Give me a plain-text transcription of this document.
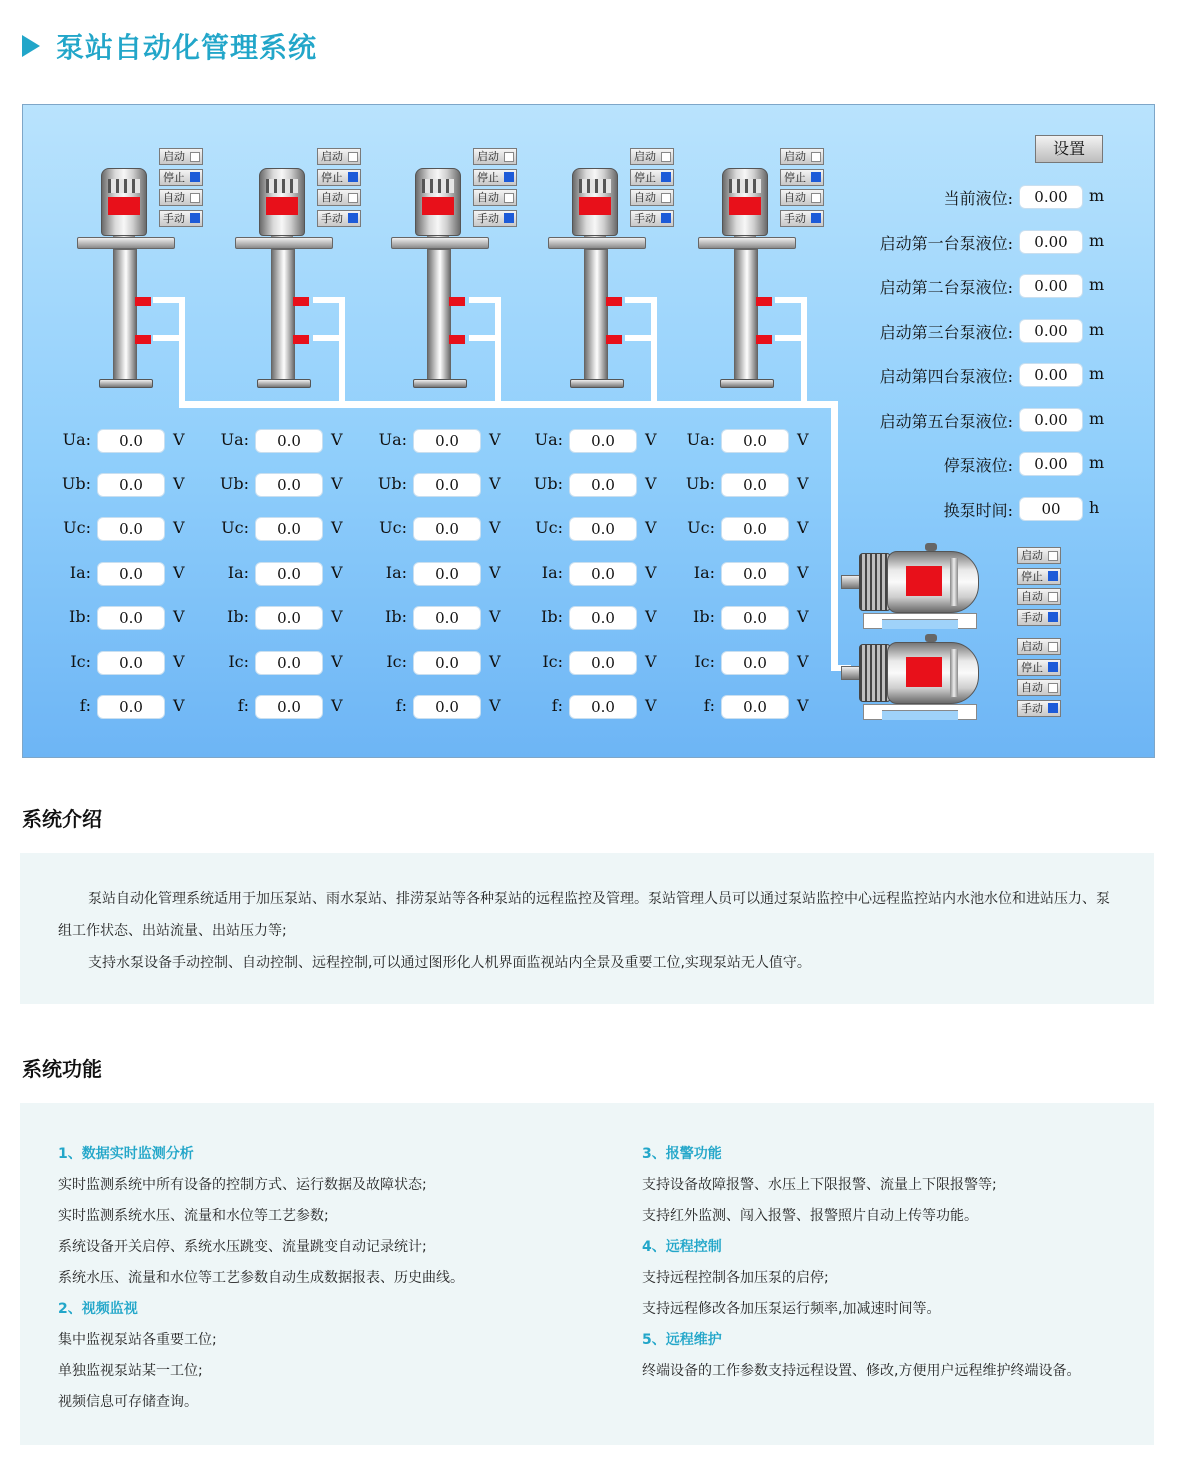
泵站自动化管理系统
设置
启动
停止
自动
手动
启动
停止
自动
手动
启动
停止
自动
手动
启动
停止
自动
手动
启动
停止
自动
手动
启动
停止
自动
手动
启动
停止
自动
手动
Ua:	0.0	V
Ub:	0.0	V
Uc:	0.0	V
Ia:	0.0	V
Ib:	0.0	V
Ic:	0.0	V
f:	0.0	V
Ua:	0.0	V
Ub:	0.0	V
Uc:	0.0	V
Ia:	0.0	V
Ib:	0.0	V
Ic:	0.0	V
f:	0.0	V
Ua:	0.0	V
Ub:	0.0	V
Uc:	0.0	V
Ia:	0.0	V
Ib:	0.0	V
Ic:	0.0	V
f:	0.0	V
Ua:	0.0	V
Ub:	0.0	V
Uc:	0.0	V
Ia:	0.0	V
Ib:	0.0	V
Ic:	0.0	V
f:	0.0	V
Ua:	0.0	V
Ub:	0.0	V
Uc:	0.0	V
Ia:	0.0	V
Ib:	0.0	V
Ic:	0.0	V
f:	0.0	V
当前液位:	0.00	m
启动第一台泵液位:	0.00	m
启动第二台泵液位:	0.00	m
启动第三台泵液位:	0.00	m
启动第四台泵液位:	0.00	m
启动第五台泵液位:	0.00	m
停泵液位:	0.00	m
换泵时间:	00	h
系统介绍

泵站自动化管理系统适用于加压泵站、雨水泵站、排涝泵站等各种泵站的远程监控及管理。泵站管理人员可以通过泵站监控中心远程监控站内水池水位和进站压力、泵组工作状态、出站流量、出站压力等;

支持水泵设备手动控制、自动控制、远程控制,可以通过图形化人机界面监视站内全景及重要工位,实现泵站无人值守。

系统功能
1、数据实时监测分析
实时监测系统中所有设备的控制方式、运行数据及故障状态;
实时监测系统水压、流量和水位等工艺参数;
系统设备开关启停、系统水压跳变、流量跳变自动记录统计;
系统水压、流量和水位等工艺参数自动生成数据报表、历史曲线。
2、视频监视
集中监视泵站各重要工位;
单独监视泵站某一工位;
视频信息可存储查询。
3、报警功能
支持设备故障报警、水压上下限报警、流量上下限报警等;
支持红外监测、闯入报警、报警照片自动上传等功能。
4、远程控制
支持远程控制各加压泵的启停;
支持远程修改各加压泵运行频率,加减速时间等。
5、远程维护
终端设备的工作参数支持远程设置、修改,方便用户远程维护终端设备。
